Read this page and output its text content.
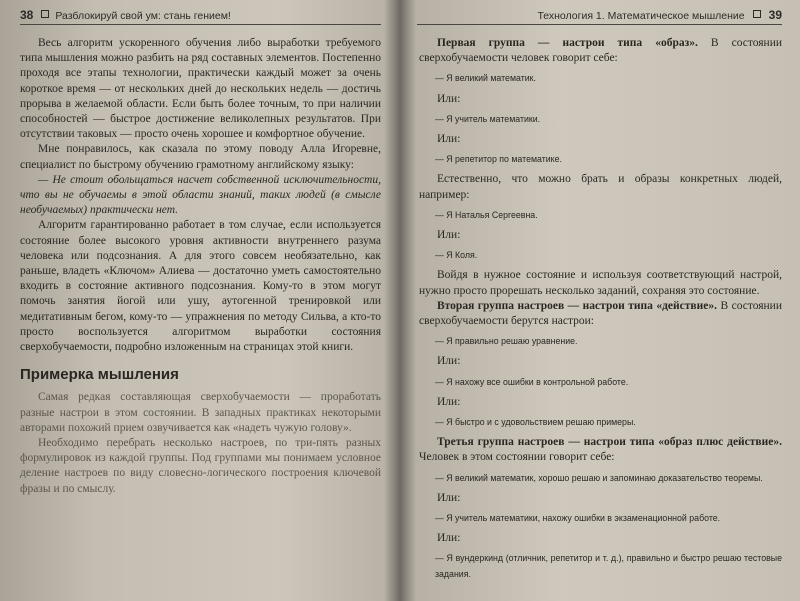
38 Разблокируй свой ум: стань гением!

Весь алгоритм ускоренного обучения либо выработки требуемого типа мышления можно разбить на ряд составных элементов. Постепенно проходя все этапы технологии, практически каждый может за очень короткое время — от нескольких дней до нескольких недель — достичь прорыва в желаемой области. Если быть более точным, то при наличии способностей — быстрое достижение великолепных результатов. При отсутствии таковых — просто очень хорошее и комфортное обучение.

Мне понравилось, как сказала по этому поводу Алла Игоревне, специалист по быстрому обучению грамотному английскому языку:

— Не стоит обольщаться насчет собственной исключительности, что вы не обучаемы в этой области знаний, таких людей (в смысле необучаемых) практически нет.

Алгоритм гарантированно работает в том случае, если используется состояние более высокого уровня активности внутреннего разума человека или подсознания. А для этого совсем необязательно, как раньше, владеть «Ключом» Алиева — достаточно уметь самостоятельно входить в состояние активного подсознания. Кому-то в этом могут помочь занятия йогой или ушу, аутогенной тренировкой или медитативным бегом, кому-то — упражнения по методу Сильва, а кто-то просто воспользуется алгоритмом выработки состояния сверхобучаемости, подробно изложенным на страницах этой книги.

Примерка мышления

Самая редкая составляющая сверхобучаемости — проработать разные настрои в этом состоянии. В западных практиках некоторыми авторами похожий прием озвучивается как «надеть чужую голову».

Необходимо перебрать несколько настроев, по три-пять разных формулировок из каждой группы. Под группами мы понимаем условное деление настроев по виду словесно-логического построения ключевой фразы и по смыслу.

Технология 1. Математическое мышление 39

Первая группа — настрои типа «образ». В состоянии сверхобучаемости человек говорит себе:

— Я великий математик.

Или:

— Я учитель математики.

Или:

— Я репетитор по математике.

Естественно, что можно брать и образы конкретных людей, например:

— Я Наталья Сергеевна.

Или:

— Я Коля.

Войдя в нужное состояние и используя соответствующий настрой, нужно просто прорешать несколько заданий, сохраняя это состояние.

Вторая группа настроев — настрои типа «действие». В состоянии сверхобучаемости берутся настрои:

— Я правильно решаю уравнение.

Или:

— Я нахожу все ошибки в контрольной работе.

Или:

— Я быстро и с удовольствием решаю примеры.

Третья группа настроев — настрои типа «образ плюс действие». Человек в этом состоянии говорит себе:

— Я великий математик, хорошо решаю и запоминаю доказательство теоремы.

Или:

— Я учитель математики, нахожу ошибки в экзаменационной работе.

Или:

— Я вундеркинд (отличник, репетитор и т. д.), правильно и быстро решаю тестовые задания.
